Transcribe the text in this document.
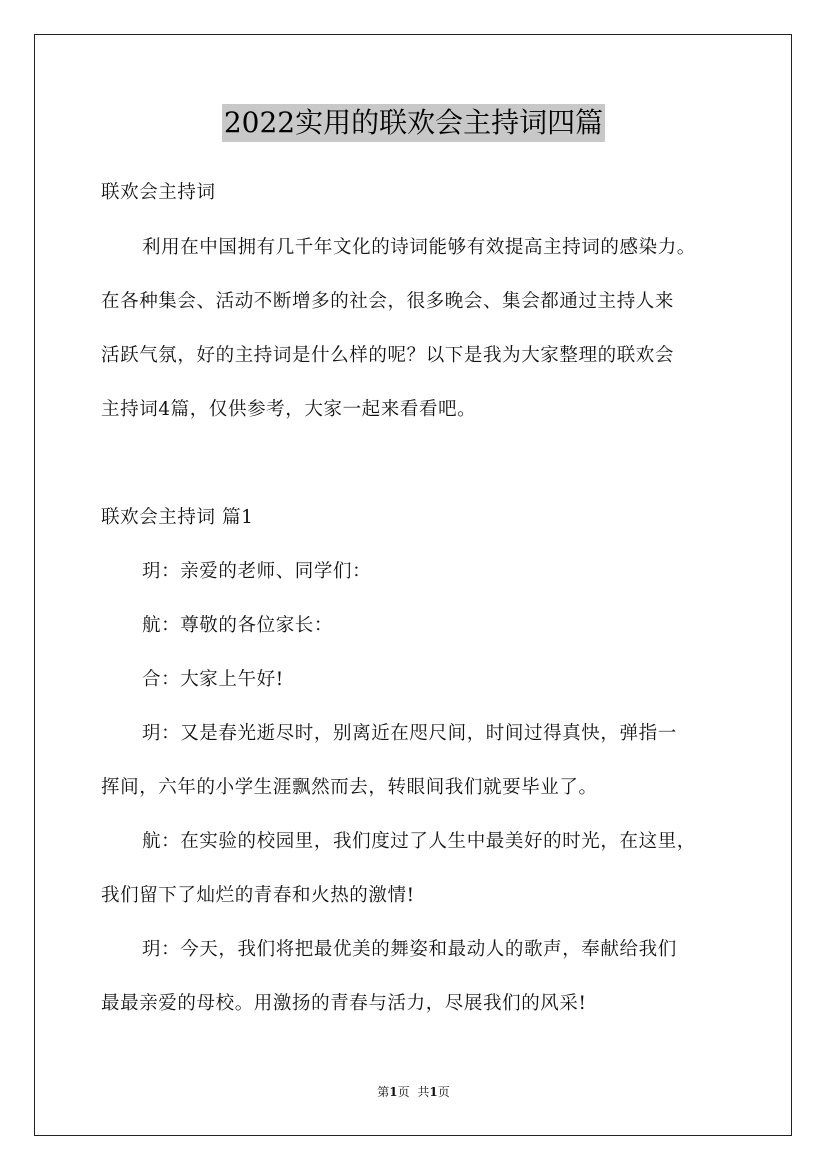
2022实用的联欢会主持词四篇
联欢会主持词
利用在中国拥有几千年文化的诗词能够有效提高主持词的感染力。
在各种集会、活动不断增多的社会，很多晚会、集会都通过主持人来
活跃气氛，好的主持词是什么样的呢？以下是我为大家整理的联欢会
主持词4篇，仅供参考，大家一起来看看吧。
联欢会主持词 篇1
玥：亲爱的老师、同学们：
航：尊敬的各位家长：
合：大家上午好!
玥：又是春光逝尽时，别离近在咫尺间，时间过得真快，弹指一
挥间，六年的小学生涯飘然而去，转眼间我们就要毕业了。
航：在实验的校园里，我们度过了人生中最美好的时光，在这里，
我们留下了灿烂的青春和火热的激情!
玥：今天，我们将把最优美的舞姿和最动人的歌声，奉献给我们
最最亲爱的母校。用激扬的青春与活力，尽展我们的风采!
第1页 共1页
